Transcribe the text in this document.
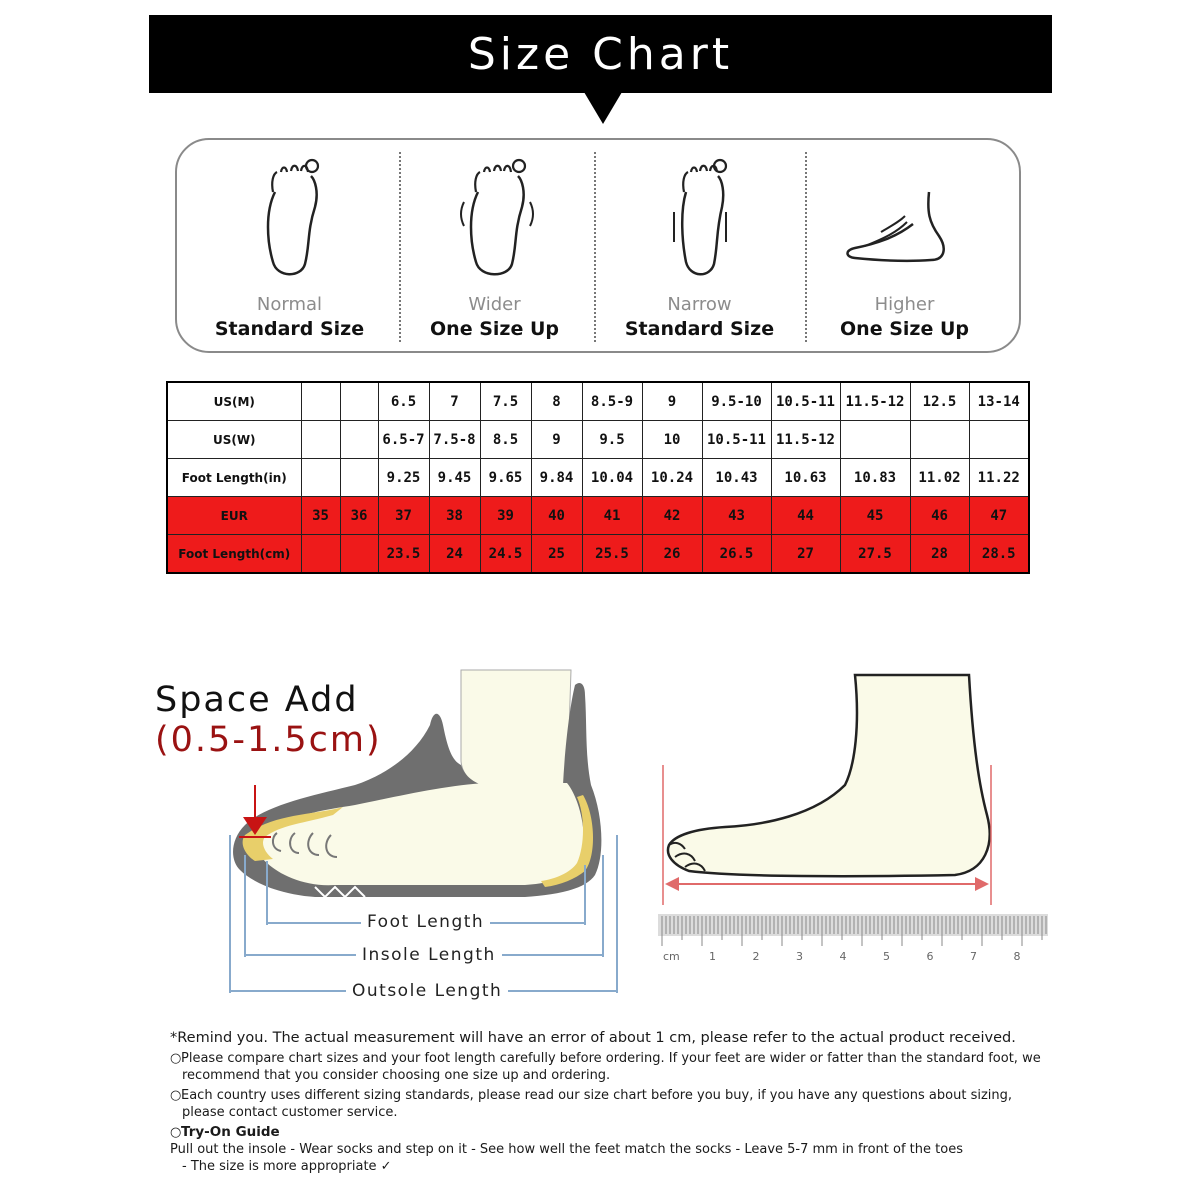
Size Chart
Normal
Standard Size
Wider
One Size Up
Narrow
Standard Size
Higher
One Size Up
US(M)			6.5	7	7.5	8	8.5-9	9	9.5-10	10.5-11	11.5-12	12.5	13-14
US(W)			6.5-7	7.5-8	8.5	9	9.5	10	10.5-11	11.5-12			
Foot Length(in)			9.25	9.45	9.65	9.84	10.04	10.24	10.43	10.63	10.83	11.02	11.22
EUR	35	36	37	38	39	40	41	42	43	44	45	46	47
Foot Length(cm)			23.5	24	24.5	25	25.5	26	26.5	27	27.5	28	28.5
Foot Length
Insole Length
Outsole Length
Space Add
(0.5-1.5cm)
cm	1	2	3	4	5	6	7	8
*Remind you. The actual measurement will have an error of about 1 cm, please refer to the actual product received.
○Please compare chart sizes and your foot length carefully before ordering. If your feet are wider or fatter than the standard foot, we
recommend that you consider choosing one size up and ordering.
○Each country uses different sizing standards, please read our size chart before you buy, if you have any questions about sizing,
please contact customer service.
○Try-On Guide
Pull out the insole - Wear socks and step on it - See how well the feet match the socks - Leave 5-7 mm in front of the toes
- The size is more appropriate ✓
